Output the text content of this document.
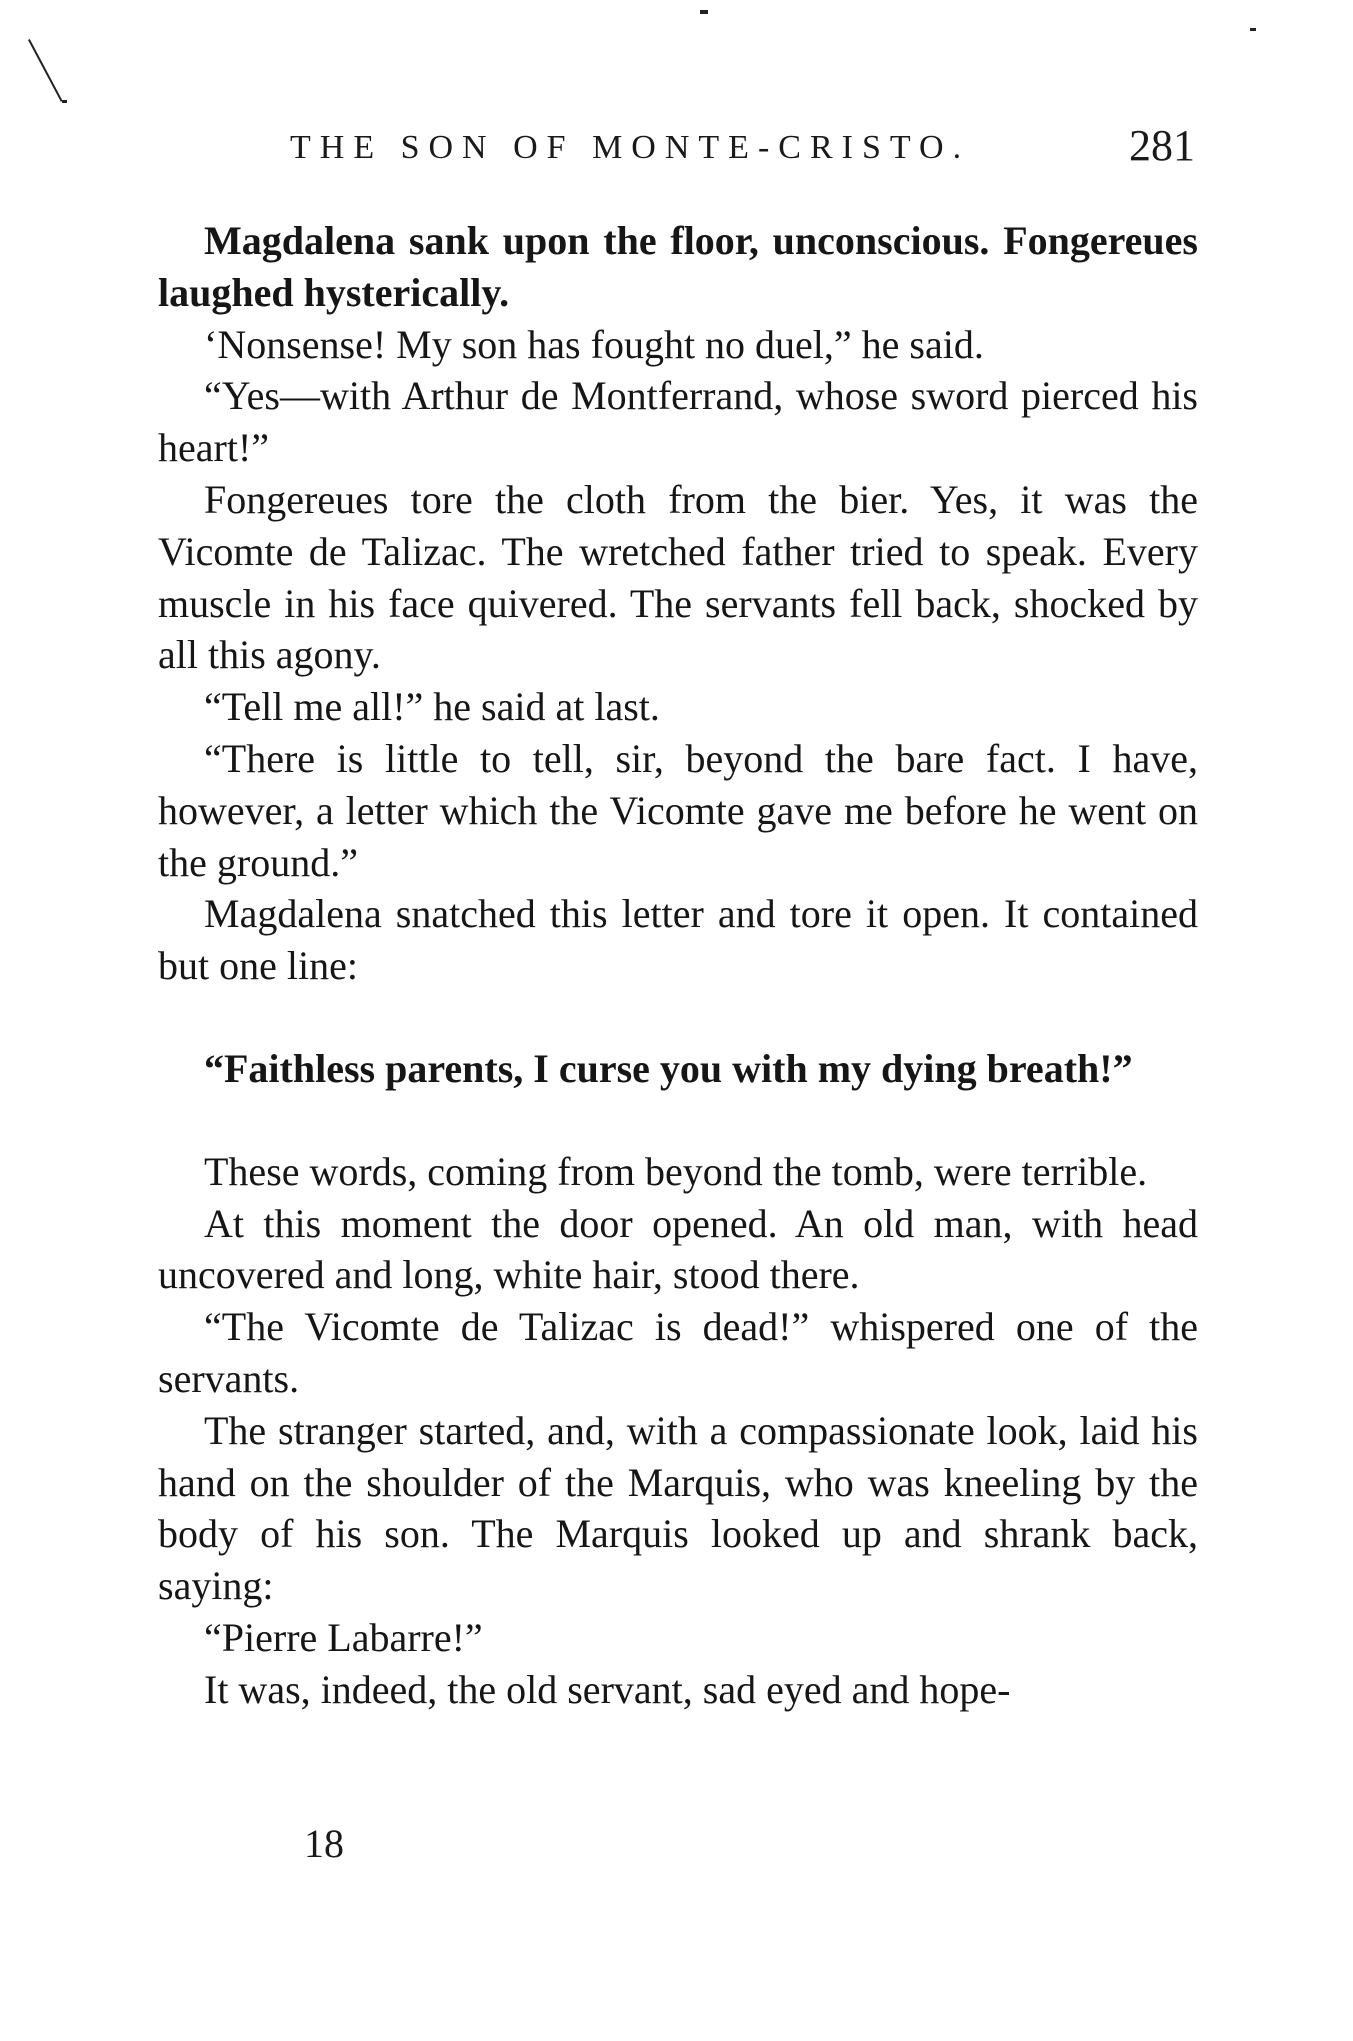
THE SON OF MONTE-CRISTO.	281

Magdalena sank upon the floor, unconscious. Fongereues laughed hysterically.

‘Nonsense! My son has fought no duel,” he said.

“Yes—with Arthur de Montferrand, whose sword pierced his heart!”

Fongereues tore the cloth from the bier. Yes, it was the Vicomte de Talizac. The wretched father tried to speak. Every muscle in his face quivered. The servants fell back, shocked by all this agony.

“Tell me all!” he said at last.

“There is little to tell, sir, beyond the bare fact. I have, however, a letter which the Vicomte gave me before he went on the ground.”

Magdalena snatched this letter and tore it open. It contained but one line:

“Faithless parents, I curse you with my dying breath!”

These words, coming from beyond the tomb, were terrible.

At this moment the door opened. An old man, with head uncovered and long, white hair, stood there.

“The Vicomte de Talizac is dead!” whispered one of the servants.

The stranger started, and, with a compassionate look, laid his hand on the shoulder of the Marquis, who was kneeling by the body of his son. The Marquis looked up and shrank back, saying:

“Pierre Labarre!”

It was, indeed, the old servant, sad eyed and hope-

18
